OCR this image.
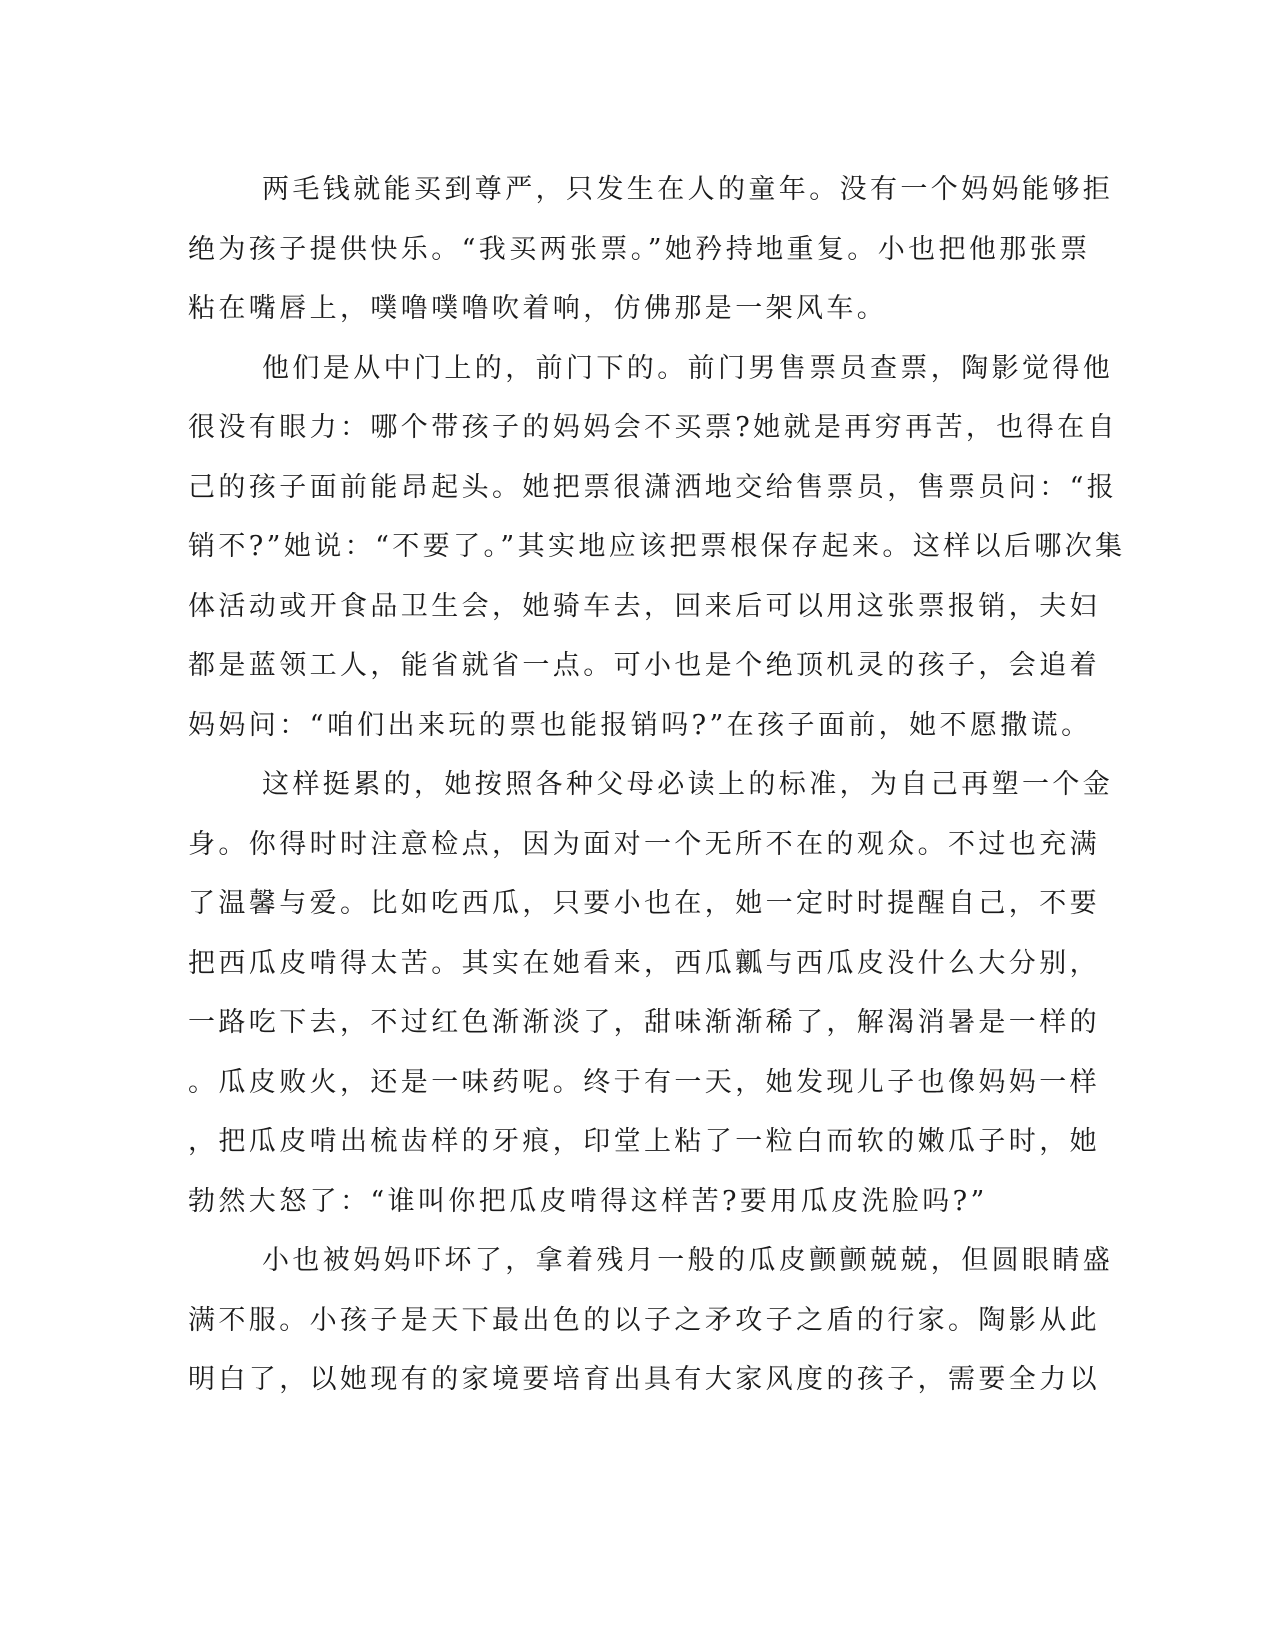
两毛钱就能买到尊严，只发生在人的童年。没有一个妈妈能够拒
绝为孩子提供快乐。“我买两张票。”她矜持地重复。小也把他那张票
粘在嘴唇上，噗噜噗噜吹着响，仿佛那是一架风车。
他们是从中门上的，前门下的。前门男售票员查票，陶影觉得他
很没有眼力：哪个带孩子的妈妈会不买票?她就是再穷再苦，也得在自
己的孩子面前能昂起头。她把票很潇洒地交给售票员，售票员问：“报
销不?”她说：“不要了。”其实地应该把票根保存起来。这样以后哪次集
体活动或开食品卫生会，她骑车去，回来后可以用这张票报销，夫妇
都是蓝领工人，能省就省一点。可小也是个绝顶机灵的孩子，会追着
妈妈问：“咱们出来玩的票也能报销吗?”在孩子面前，她不愿撒谎。
这样挺累的，她按照各种父母必读上的标准，为自己再塑一个金
身。你得时时注意检点，因为面对一个无所不在的观众。不过也充满
了温馨与爱。比如吃西瓜，只要小也在，她一定时时提醒自己，不要
把西瓜皮啃得太苦。其实在她看来，西瓜瓤与西瓜皮没什么大分别，
一路吃下去，不过红色渐渐淡了，甜味渐渐稀了，解渴消暑是一样的
。瓜皮败火，还是一味药呢。终于有一天，她发现儿子也像妈妈一样
，把瓜皮啃出梳齿样的牙痕，印堂上粘了一粒白而软的嫩瓜子时，她
勃然大怒了：“谁叫你把瓜皮啃得这样苦?要用瓜皮洗脸吗?”
小也被妈妈吓坏了，拿着残月一般的瓜皮颤颤兢兢，但圆眼睛盛
满不服。小孩子是天下最出色的以子之矛攻子之盾的行家。陶影从此
明白了，以她现有的家境要培育出具有大家风度的孩子，需要全力以
